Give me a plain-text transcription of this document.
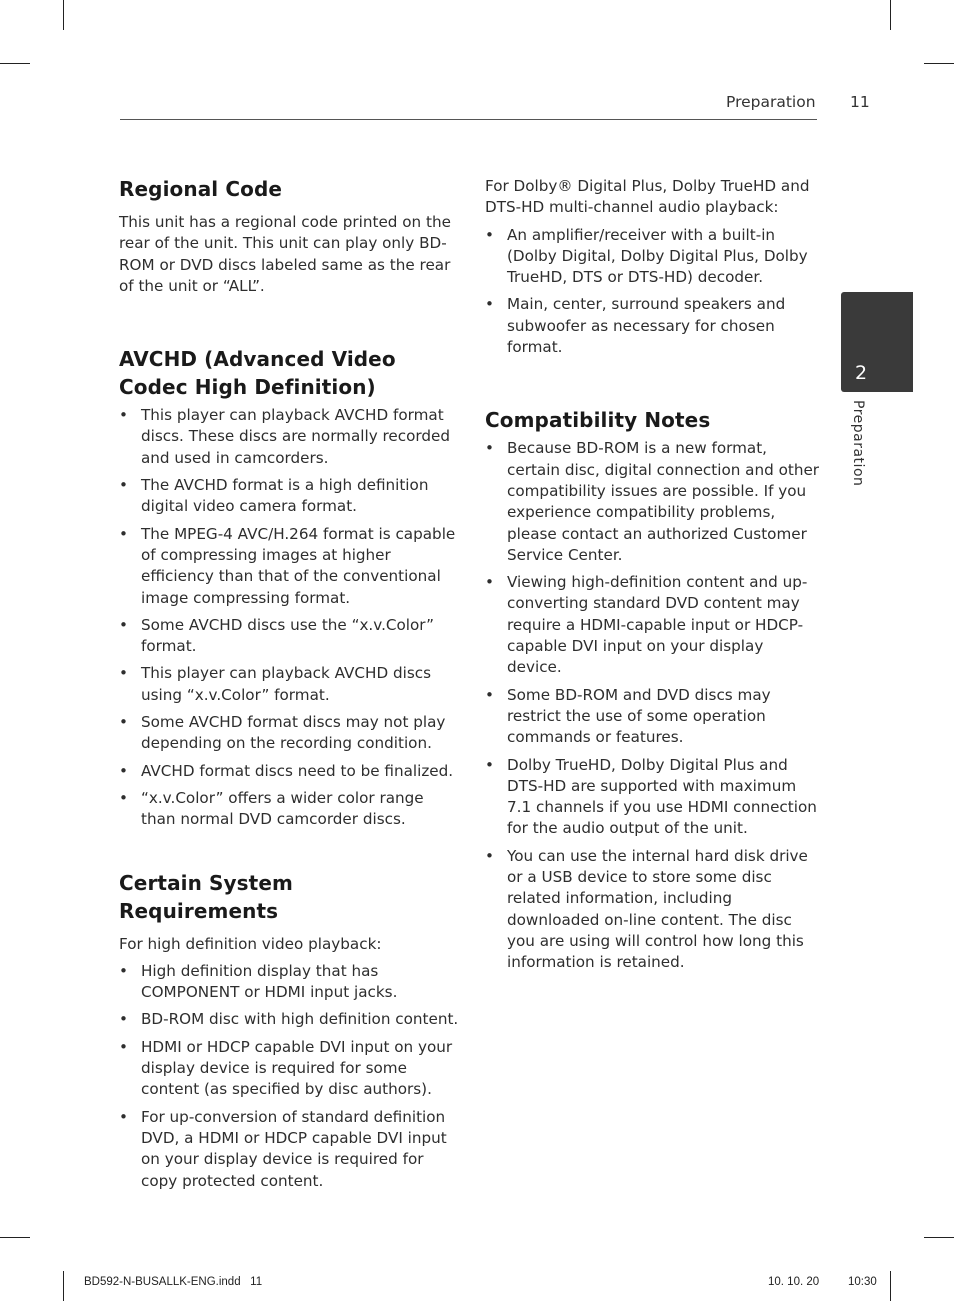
Preparation 11
2
Preparation
Regional Code

This unit has a regional code printed on the rear of the unit. This unit can play only BD-ROM or DVD discs labeled same as the rear of the unit or “ALL”.

AVCHD (Advanced Video Codec High Definition)
• This player can playback AVCHD format discs. These discs are normally recorded and used in camcorders.
• The AVCHD format is a high definition digital video camera format.
• The MPEG-4 AVC/H.264 format is capable of compressing images at higher efficiency than that of the conventional image compressing format.
• Some AVCHD discs use the “x.v.Color” format.
• This player can playback AVCHD discs using “x.v.Color” format.
• Some AVCHD format discs may not play depending on the recording condition.
• AVCHD format discs need to be finalized.
• “x.v.Color” offers a wider color range than normal DVD camcorder discs.
Certain System Requirements

For high definition video playback:

• High definition display that has COMPONENT or HDMI input jacks.
• BD-ROM disc with high definition content.
• HDMI or HDCP capable DVI input on your display device is required for some content (as specified by disc authors).
• For up-conversion of standard definition DVD, a HDMI or HDCP capable DVI input on your display device is required for copy protected content.

For Dolby® Digital Plus, Dolby TrueHD and DTS-HD multi-channel audio playback:

• An amplifier/receiver with a built-in (Dolby Digital, Dolby Digital Plus, Dolby TrueHD, DTS or DTS-HD) decoder.
• Main, center, surround speakers and subwoofer as necessary for chosen format.
Compatibility Notes
• Because BD-ROM is a new format, certain disc, digital connection and other compatibility issues are possible. If you experience compatibility problems, please contact an authorized Customer Service Center.
• Viewing high-definition content and up-converting standard DVD content may require a HDMI-capable input or HDCP-capable DVI input on your display device.
• Some BD-ROM and DVD discs may restrict the use of some operation commands or features.
• Dolby TrueHD, Dolby Digital Plus and DTS-HD are supported with maximum 7.1 channels if you use HDMI connection for the audio output of the unit.
• You can use the internal hard disk drive or a USB device to store some disc related information, including downloaded on-line content. The disc you are using will control how long this information is retained.
BD592-N-BUSALLK-ENG.indd   11	10. 10. 20	10:30
